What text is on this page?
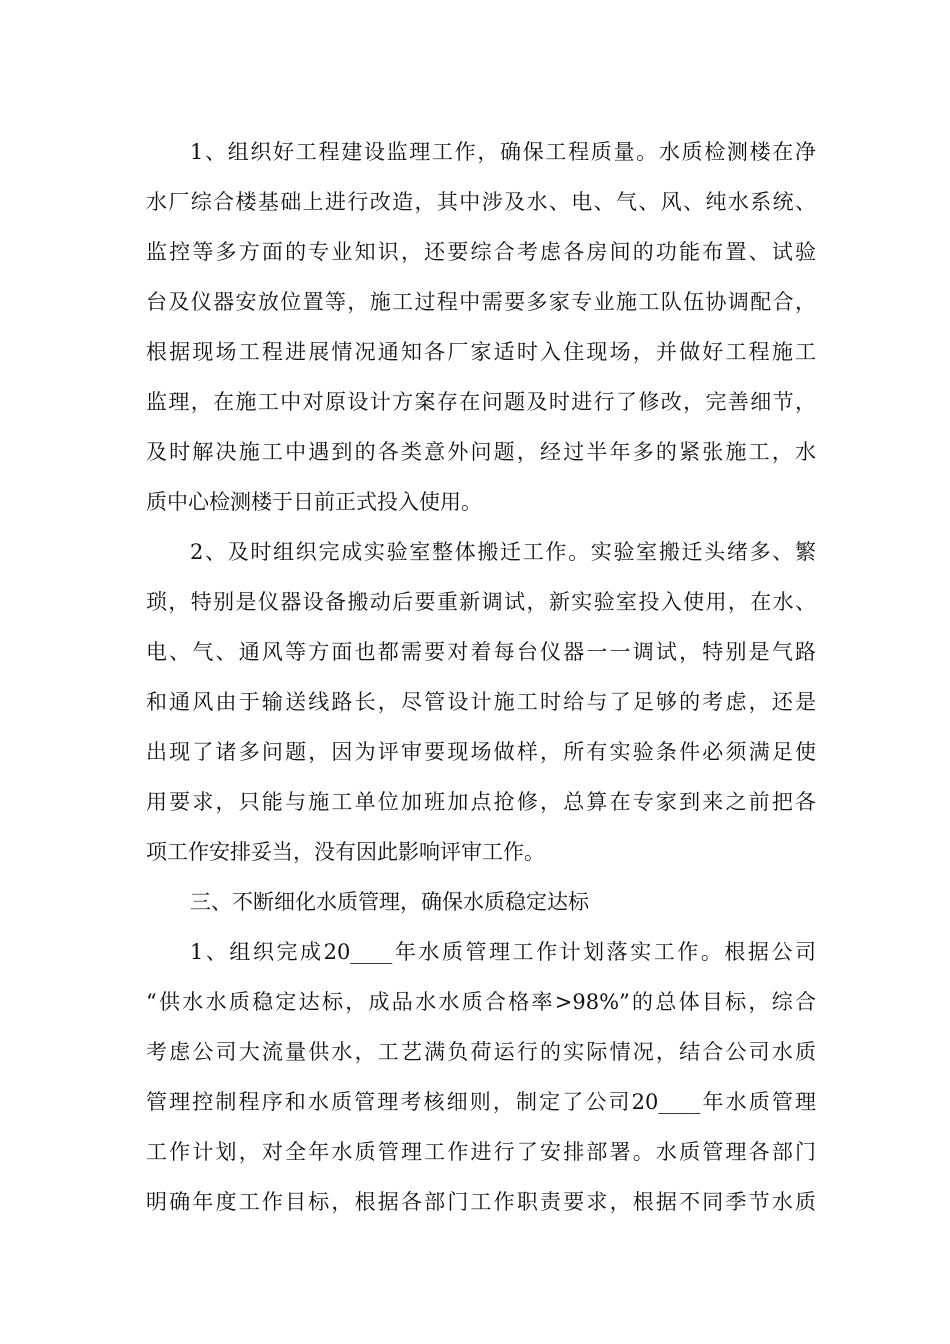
1、组织好工程建设监理工作，确保工程质量。水质检测楼在净
水厂综合楼基础上进行改造，其中涉及水、电、气、风、纯水系统、
监控等多方面的专业知识，还要综合考虑各房间的功能布置、试验
台及仪器安放位置等，施工过程中需要多家专业施工队伍协调配合，
根据现场工程进展情况通知各厂家适时入住现场，并做好工程施工
监理，在施工中对原设计方案存在问题及时进行了修改，完善细节，
及时解决施工中遇到的各类意外问题，经过半年多的紧张施工，水
质中心检测楼于日前正式投入使用。
2、及时组织完成实验室整体搬迁工作。实验室搬迁头绪多、繁
琐，特别是仪器设备搬动后要重新调试，新实验室投入使用，在水、
电、气、通风等方面也都需要对着每台仪器一一调试，特别是气路
和通风由于输送线路长，尽管设计施工时给与了足够的考虑，还是
出现了诸多问题，因为评审要现场做样，所有实验条件必须满足使
用要求，只能与施工单位加班加点抢修，总算在专家到来之前把各
项工作安排妥当，没有因此影响评审工作。
三、不断细化水质管理，确保水质稳定达标
1、组织完成20____年水质管理工作计划落实工作。根据公司
“供水水质稳定达标，成品水水质合格率>98%”的总体目标，综合
考虑公司大流量供水，工艺满负荷运行的实际情况，结合公司水质
管理控制程序和水质管理考核细则，制定了公司20____年水质管理
工作计划，对全年水质管理工作进行了安排部署。水质管理各部门
明确年度工作目标，根据各部门工作职责要求，根据不同季节水质
